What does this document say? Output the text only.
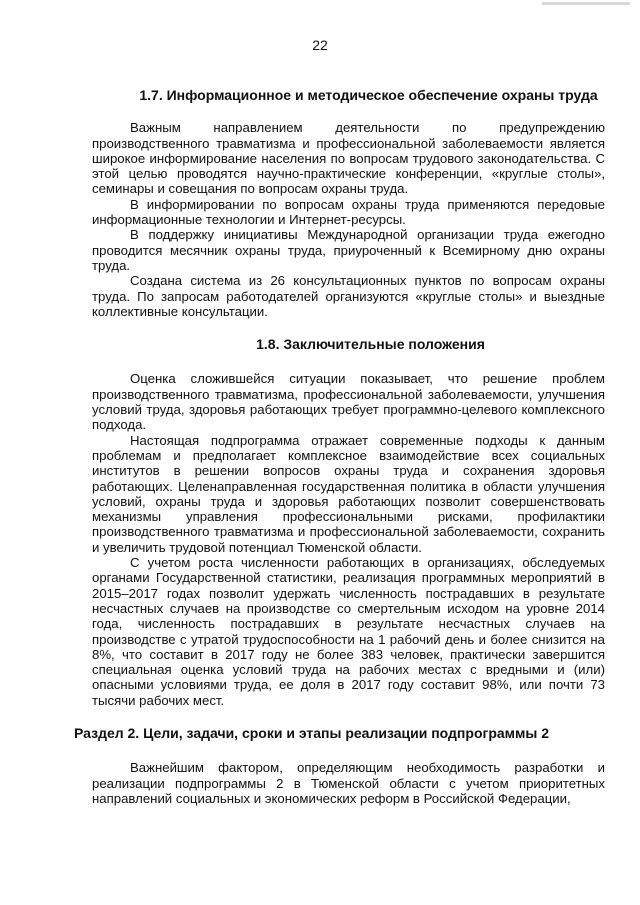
22
1.7. Информационное и методическое обеспечение охраны труда

Важным направлением деятельности по предупреждению производственного травматизма и профессиональной заболеваемости является широкое информирование населения по вопросам трудового законодательства. С этой целью проводятся научно-практические конференции, «круглые столы», семинары и совещания по вопросам охраны труда.

В информировании по вопросам охраны труда применяются передовые информационные технологии и Интернет-ресурсы.

В поддержку инициативы Международной организации труда ежегодно проводится месячник охраны труда, приуроченный к Всемирному дню охраны труда.

Создана система из 26 консультационных пунктов по вопросам охраны труда. По запросам работодателей организуются «круглые столы» и выездные коллективные консультации.

1.8. Заключительные положения

Оценка сложившейся ситуации показывает, что решение проблем производственного травматизма, профессиональной заболеваемости, улучшения условий труда, здоровья работающих требует программно-целевого комплексного подхода.

Настоящая подпрограмма отражает современные подходы к данным проблемам и предполагает комплексное взаимодействие всех социальных институтов в решении вопросов охраны труда и сохранения здоровья работающих. Целенаправленная государственная политика в области улучшения условий, охраны труда и здоровья работающих позволит совершенствовать механизмы управления профессиональными рисками, профилактики производственного травматизма и профессиональной заболеваемости, сохранить и увеличить трудовой потенциал Тюменской области.

С учетом роста численности работающих в организациях, обследуемых органами Государственной статистики, реализация программных мероприятий в 2015–2017 годах позволит удержать численность пострадавших в результате несчастных случаев на производстве со смертельным исходом на уровне 2014 года, численность пострадавших в результате несчастных случаев на производстве с утратой трудоспособности на 1 рабочий день и более снизится на 8%, что составит в 2017 году не более 383 человек, практически завершится специальная оценка условий труда на рабочих местах с вредными и (или) опасными условиями труда, ее доля в 2017 году составит 98%, или почти 73 тысячи рабочих мест.

Раздел 2. Цели, задачи, сроки и этапы реализации подпрограммы 2

Важнейшим фактором, определяющим необходимость разработки и реализации подпрограммы 2 в Тюменской области с учетом приоритетных направлений социальных и экономических реформ в Российской Федерации,
